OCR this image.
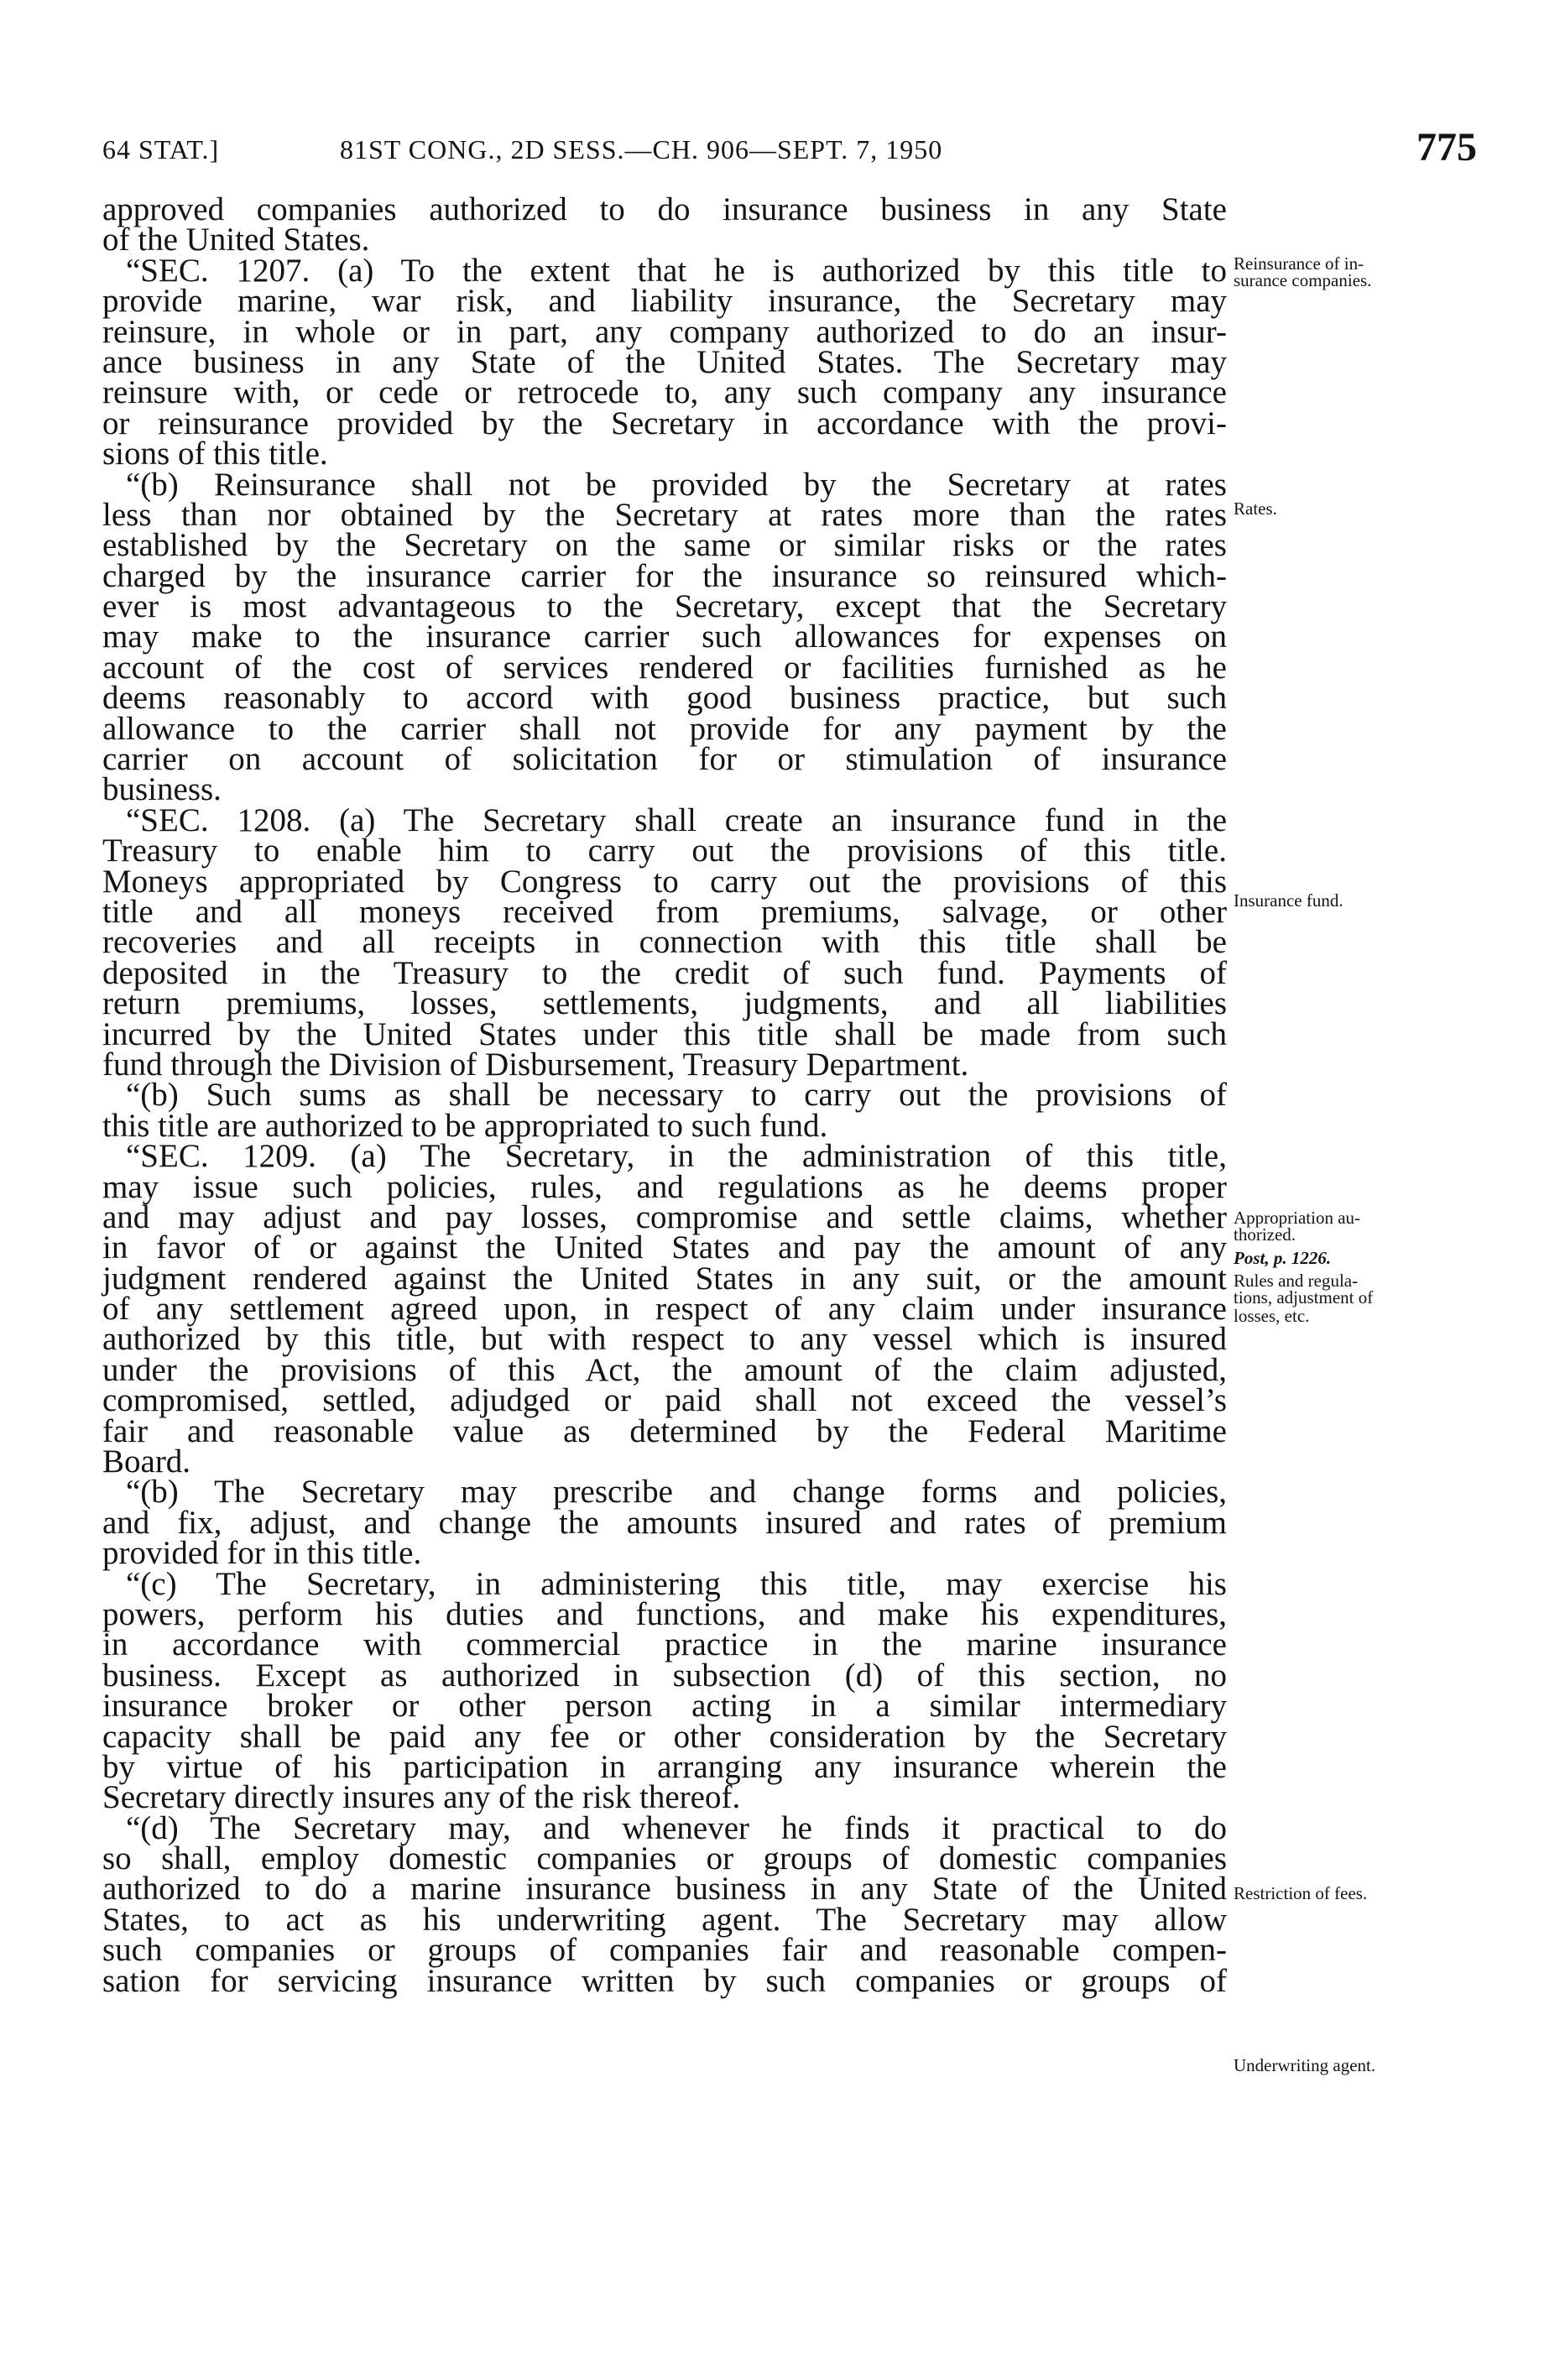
64 STAT.]	81ST CONG., 2D SESS.—CH. 906—SEPT. 7, 1950	775
approved companies authorized to do insurance business in any State
of the United States.
“SEC. 1207. (a) To the extent that he is authorized by this title to
provide marine, war risk, and liability insurance, the Secretary may
reinsure, in whole or in part, any company authorized to do an insur-
ance business in any State of the United States. The Secretary may
reinsure with, or cede or retrocede to, any such company any insurance
or reinsurance provided by the Secretary in accordance with the provi-
sions of this title.
“(b) Reinsurance shall not be provided by the Secretary at rates
less than nor obtained by the Secretary at rates more than the rates
established by the Secretary on the same or similar risks or the rates
charged by the insurance carrier for the insurance so reinsured which-
ever is most advantageous to the Secretary, except that the Secretary
may make to the insurance carrier such allowances for expenses on
account of the cost of services rendered or facilities furnished as he
deems reasonably to accord with good business practice, but such
allowance to the carrier shall not provide for any payment by the
carrier on account of solicitation for or stimulation of insurance
business.
“SEC. 1208. (a) The Secretary shall create an insurance fund in the
Treasury to enable him to carry out the provisions of this title.
Moneys appropriated by Congress to carry out the provisions of this
title and all moneys received from premiums, salvage, or other
recoveries and all receipts in connection with this title shall be
deposited in the Treasury to the credit of such fund. Payments of
return premiums, losses, settlements, judgments, and all liabilities
incurred by the United States under this title shall be made from such
fund through the Division of Disbursement, Treasury Department.
“(b) Such sums as shall be necessary to carry out the provisions of
this title are authorized to be appropriated to such fund.
“SEC. 1209. (a) The Secretary, in the administration of this title,
may issue such policies, rules, and regulations as he deems proper
and may adjust and pay losses, compromise and settle claims, whether
in favor of or against the United States and pay the amount of any
judgment rendered against the United States in any suit, or the amount
of any settlement agreed upon, in respect of any claim under insurance
authorized by this title, but with respect to any vessel which is insured
under the provisions of this Act, the amount of the claim adjusted,
compromised, settled, adjudged or paid shall not exceed the vessel’s
fair and reasonable value as determined by the Federal Maritime
Board.
“(b) The Secretary may prescribe and change forms and policies,
and fix, adjust, and change the amounts insured and rates of premium
provided for in this title.
“(c) The Secretary, in administering this title, may exercise his
powers, perform his duties and functions, and make his expenditures,
in accordance with commercial practice in the marine insurance
business. Except as authorized in subsection (d) of this section, no
insurance broker or other person acting in a similar intermediary
capacity shall be paid any fee or other consideration by the Secretary
by virtue of his participation in arranging any insurance wherein the
Secretary directly insures any of the risk thereof.
“(d) The Secretary may, and whenever he finds it practical to do
so shall, employ domestic companies or groups of domestic companies
authorized to do a marine insurance business in any State of the United
States, to act as his underwriting agent. The Secretary may allow
such companies or groups of companies fair and reasonable compen-
sation for servicing insurance written by such companies or groups of
Reinsurance of in-
surance companies.
Rates.
Insurance fund.
Appropriation au-
thorized.
Post, p. 1226.
Rules and regula-
tions, adjustment of
losses, etc.
Restriction of fees.
Underwriting agent.
